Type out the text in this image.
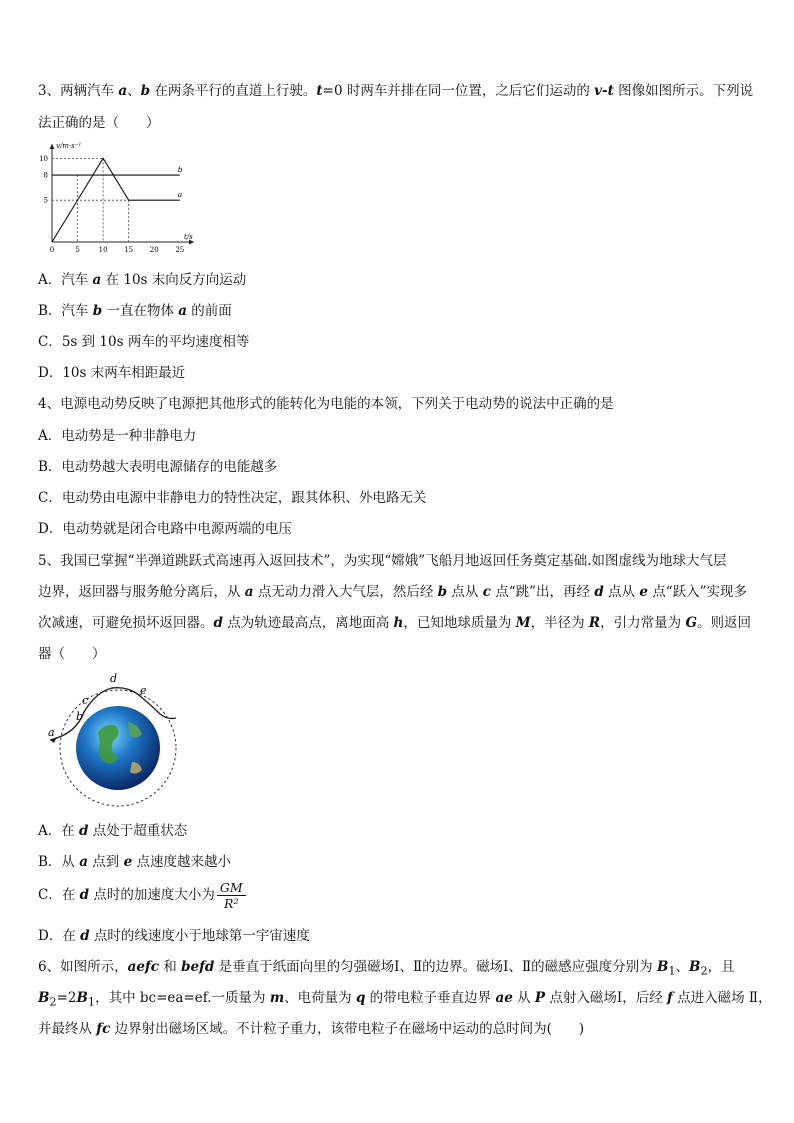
3、两辆汽车 a、b 在两条平行的直道上行驶。t=0 时两车并排在同一位置，之后它们运动的 v-t 图像如图所示。下列说
法正确的是（　　）
v/m·s⁻¹
t/s
0	5	10 15 20 25
5
8
10
a
b
A．汽车 a 在 10s 末向反方向运动
B．汽车 b 一直在物体 a 的前面
C．5s 到 10s 两车的平均速度相等
D．10s 末两车相距最近
4、电源电动势反映了电源把其他形式的能转化为电能的本领，下列关于电动势的说法中正确的是
A．电动势是一种非静电力
B．电动势越大表明电源储存的电能越多
C．电动势由电源中非静电力的特性决定，跟其体积、外电路无关
D．电动势就是闭合电路中电源两端的电压
5、我国已掌握“半弹道跳跃式高速再入返回技术”，为实现“嫦娥”飞船月地返回任务奠定基础.如图虚线为地球大气层
边界，返回器与服务舱分离后，从 a 点无动力滑入大气层，然后经 b 点从 c 点“跳”出，再经 d 点从 e 点“跃入”实现多
次减速，可避免损坏返回器。d 点为轨迹最高点，离地面高 h，已知地球质量为 M，半径为 R，引力常量为 G。则返回
器（　　）
a
b
c
d
e
A．在 d 点处于超重状态
B．从 a 点到 e 点速度越来越小
C．在 d 点时的加速度大小为 $\frac{GM}{\text{R²}}$
D．在 d 点时的线速度小于地球第一宇宙速度
6、如图所示，aefc 和 befd 是垂直于纸面向里的匀强磁场Ⅰ、Ⅱ的边界。磁场Ⅰ、Ⅱ的磁感应强度分别为 $B_1$、$B_2$，且
$B_2=2B_1$，其中 bc=ea=ef.一质量为 m、电荷量为 q 的带电粒子垂直边界 ae 从 P 点射入磁场Ⅰ，后经 f 点进入磁场 Ⅱ，
并最终从 fc 边界射出磁场区域。不计粒子重力，该带电粒子在磁场中运动的总时间为(　　)
